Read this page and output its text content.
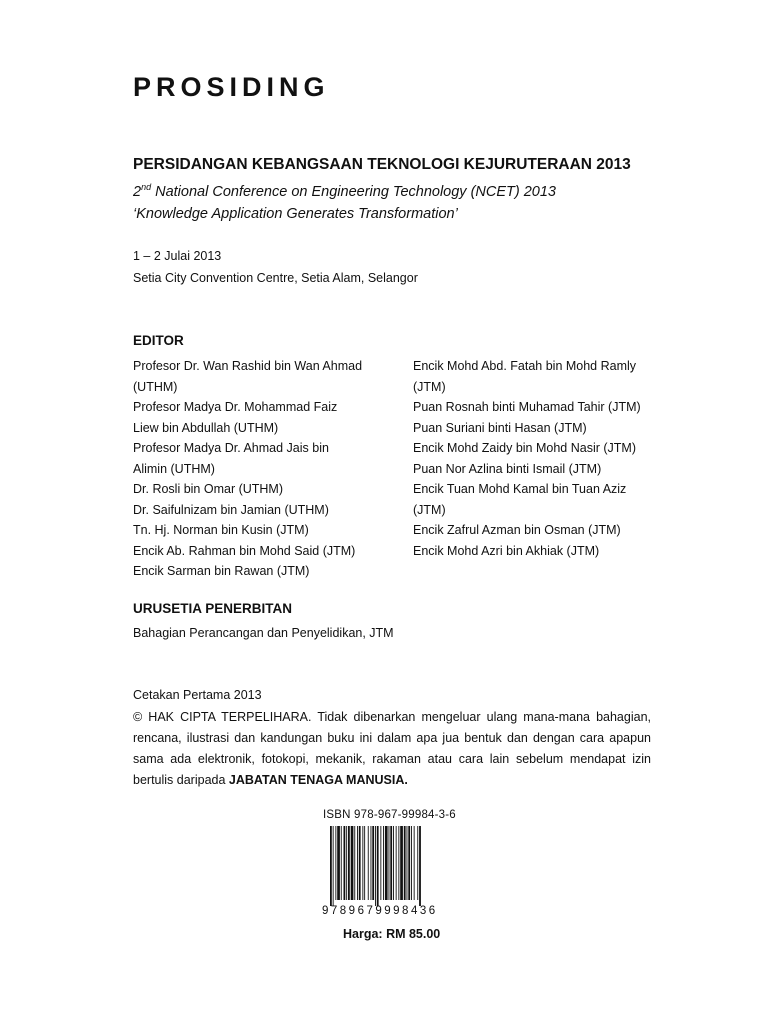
PROSIDING
PERSIDANGAN KEBANGSAAN TEKNOLOGI KEJURUTERAAN 2013
2nd National Conference on Engineering Technology (NCET) 2013
‘Knowledge Application Generates Transformation’
1 – 2 Julai 2013
Setia City Convention Centre, Setia Alam, Selangor
EDITOR
Profesor Dr. Wan Rashid bin Wan Ahmad
(UTHM)
Profesor Madya Dr. Mohammad Faiz
Liew bin Abdullah (UTHM)
Profesor Madya Dr. Ahmad Jais bin
Alimin (UTHM)
Dr. Rosli bin Omar (UTHM)
Dr. Saifulnizam bin Jamian (UTHM)
Tn. Hj. Norman bin Kusin (JTM)
Encik Ab. Rahman bin Mohd Said (JTM)
Encik Sarman bin Rawan (JTM)
Encik Mohd Abd. Fatah bin Mohd Ramly
(JTM)
Puan Rosnah binti Muhamad Tahir (JTM)
Puan Suriani binti Hasan (JTM)
Encik Mohd Zaidy bin Mohd Nasir (JTM)
Puan Nor Azlina binti Ismail (JTM)
Encik Tuan Mohd Kamal bin Tuan Aziz
(JTM)
Encik Zafrul Azman bin Osman (JTM)
Encik Mohd Azri bin Akhiak (JTM)
URUSETIA PENERBITAN
Bahagian Perancangan dan Penyelidikan, JTM
Cetakan Pertama 2013
© HAK CIPTA TERPELIHARA. Tidak dibenarkan mengeluar ulang mana-mana bahagian, rencana, ilustrasi dan kandungan buku ini dalam apa jua bentuk dan dengan cara apapun sama ada elektronik, fotokopi, mekanik, rakaman atau cara lain sebelum mendapat izin bertulis daripada JABATAN TENAGA MANUSIA.
ISBN 978-967-99984-3-6
9789679998436
Harga: RM 85.00
